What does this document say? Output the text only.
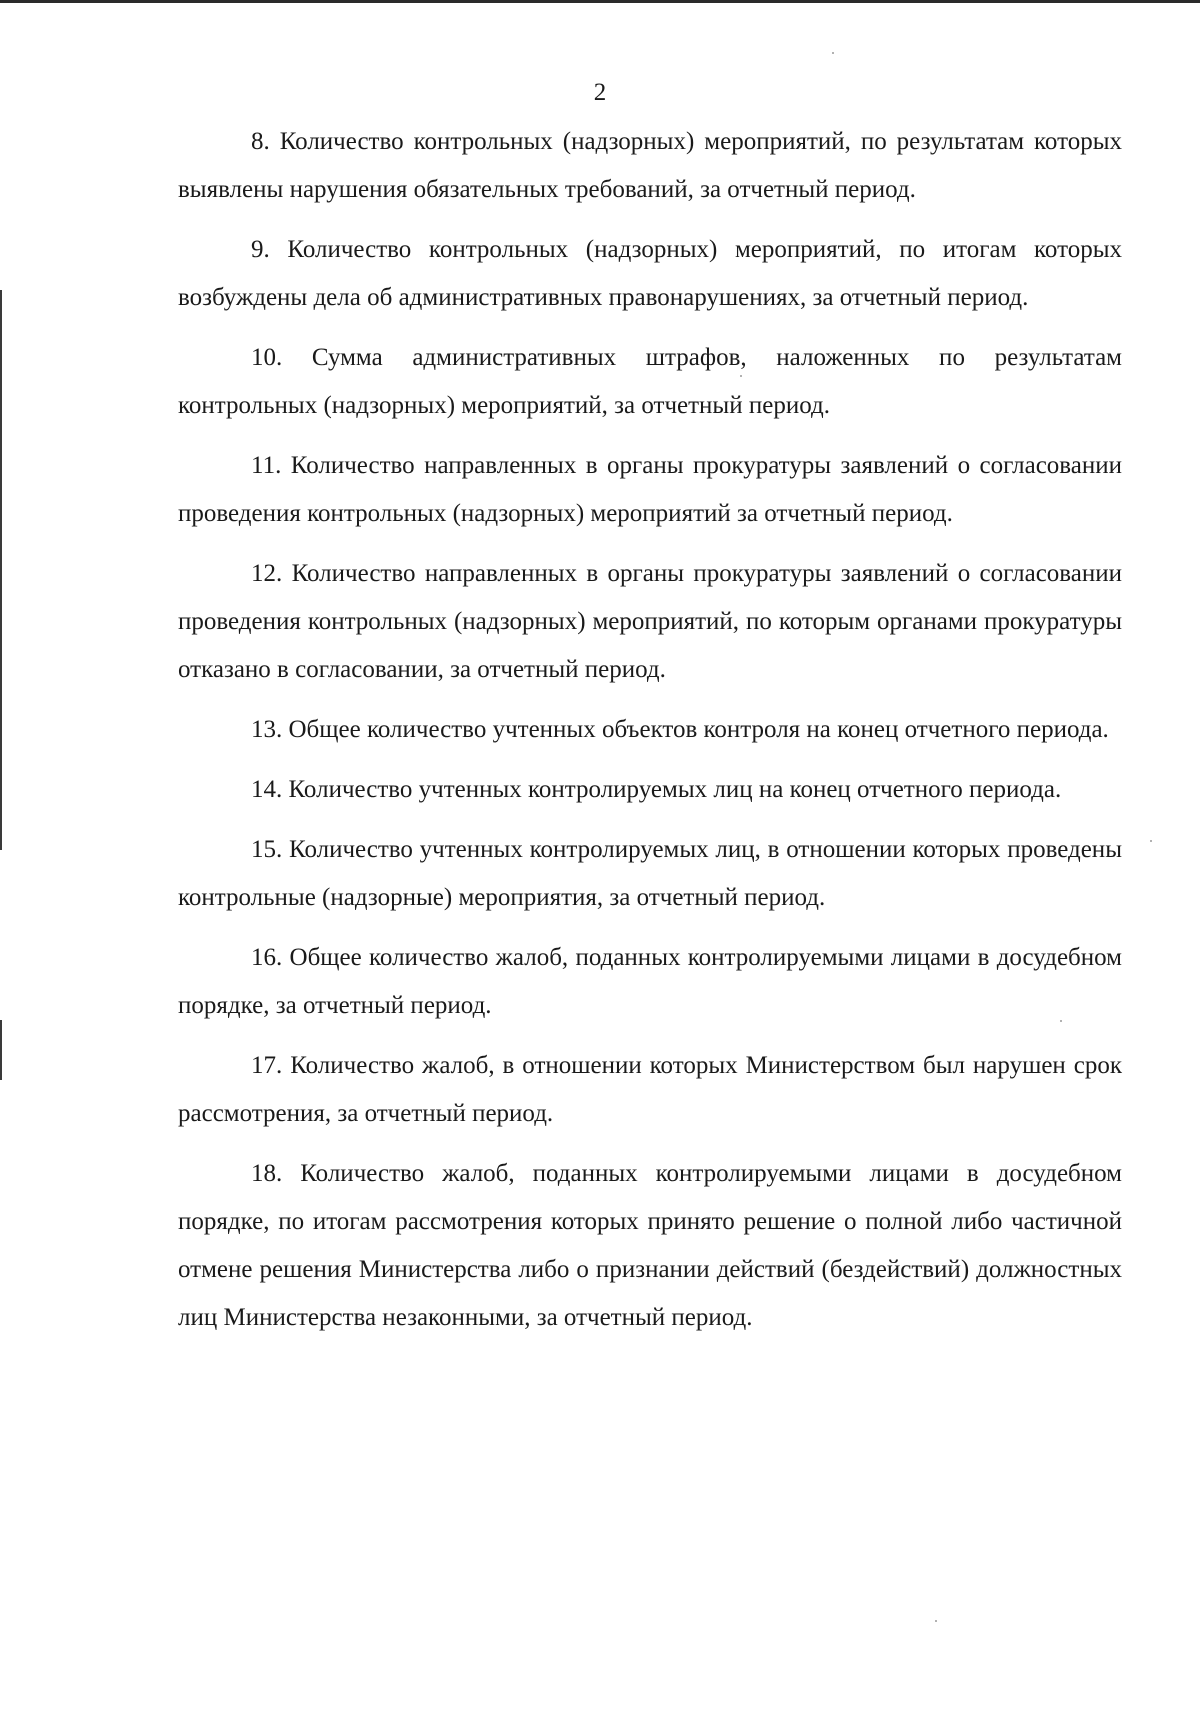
2

8. Количество контрольных (надзорных) мероприятий, по результатам которых выявлены нарушения обязательных требований, за отчетный период.

9. Количество контрольных (надзорных) мероприятий, по итогам которых возбуждены дела об административных правонарушениях, за отчетный период.

10. Сумма административных штрафов, наложенных по результатам контрольных (надзорных) мероприятий, за отчетный период.

11. Количество направленных в органы прокуратуры заявлений о согласовании проведения контрольных (надзорных) мероприятий за отчетный период.

12. Количество направленных в органы прокуратуры заявлений о согласовании проведения контрольных (надзорных) мероприятий, по которым органами прокуратуры отказано в согласовании, за отчетный период.

13. Общее количество учтенных объектов контроля на конец отчетного периода.

14. Количество учтенных контролируемых лиц на конец отчетного периода.

15. Количество учтенных контролируемых лиц, в отношении которых проведены контрольные (надзорные) мероприятия, за отчетный период.

16. Общее количество жалоб, поданных контролируемыми лицами в досудебном порядке, за отчетный период.

17. Количество жалоб, в отношении которых Министерством был нарушен срок рассмотрения, за отчетный период.

18. Количество жалоб, поданных контролируемыми лицами в досудебном порядке, по итогам рассмотрения которых принято решение о полной либо частичной отмене решения Министерства либо о признании действий (бездействий) должностных лиц Министерства незаконными, за отчетный период.
